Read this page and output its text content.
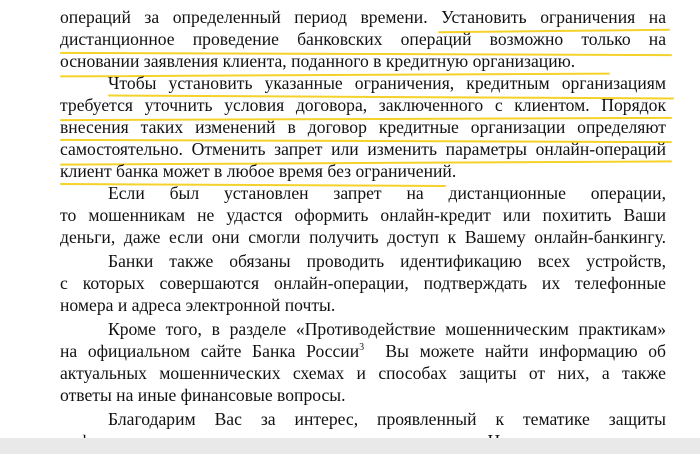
операций за определенный период времени. Установить ограничения на
дистанционное проведение банковских операций возможно только на
основании заявления клиента, поданного в кредитную организацию.
Чтобы установить указанные ограничения, кредитным организациям
требуется уточнить условия договора, заключенного с клиентом. Порядок
внесения таких изменений в договор кредитные организации определяют
самостоятельно. Отменить запрет или изменить параметры онлайн-операций
клиент банка может в любое время без ограничений.
Если был установлен запрет на дистанционные операции,
то мошенникам не удастся оформить онлайн-кредит или похитить Ваши
деньги, даже если они смогли получить доступ к Вашему онлайн-банкингу.
Банки также обязаны проводить идентификацию всех устройств,
с которых совершаются онлайн-операции, подтверждать их телефонные
номера и адреса электронной почты.
Кроме того, в разделе «Противодействие мошенническим практикам»
на официальном сайте Банка России$^3$ Вы можете найти информацию об
актуальных мошеннических схемах и способах защиты от них, а также
ответы на иные финансовые вопросы.
Благодарим Вас за интерес, проявленный к тематике защиты
